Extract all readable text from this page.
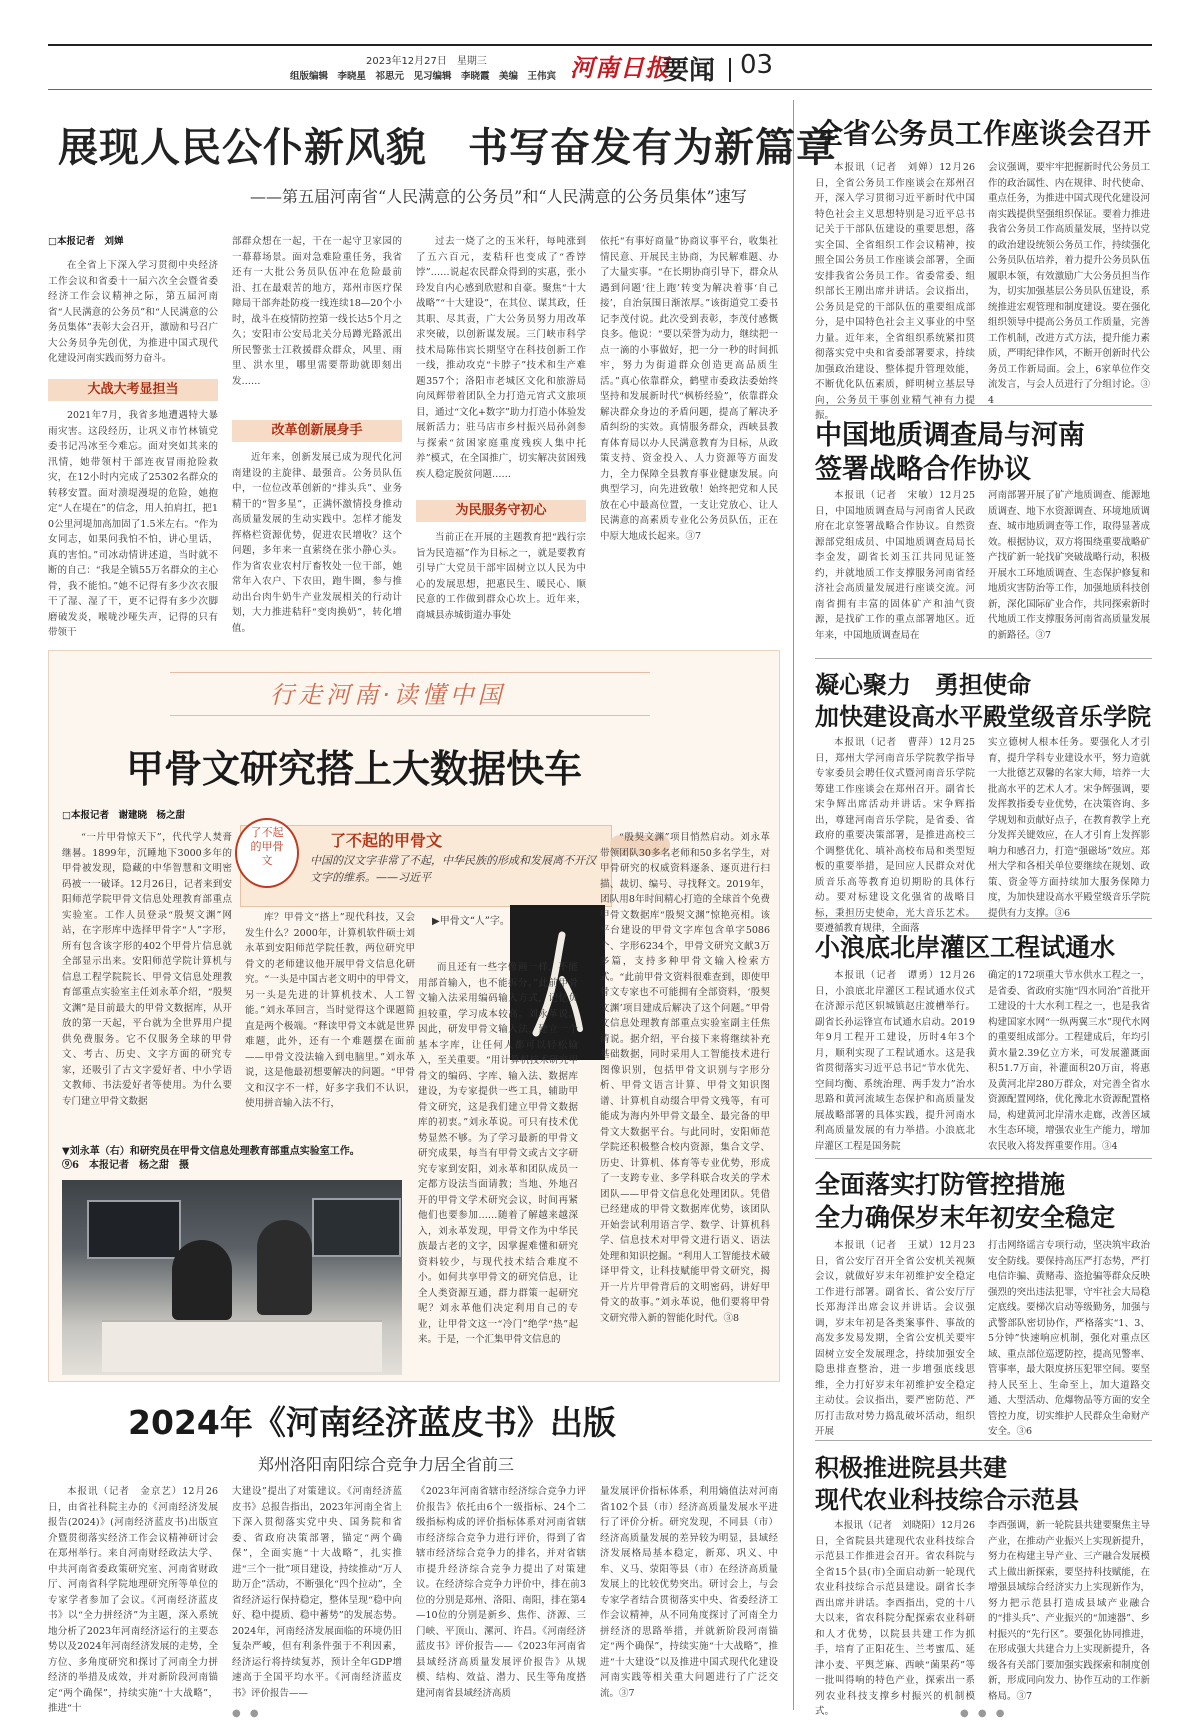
2023年12月27日　星期三
组版编辑　李晓星　祁思元　见习编辑　李晓霞　美编　王伟宾 河南日报
要闻 03
展现人民公仆新风貌　书写奋发有为新篇章
——第五届河南省“人民满意的公务员”和“人民满意的公务员集体”速写
□本报记者　刘婵
在全省上下深入学习贯彻中央经济工作会议和省委十一届六次全会暨省委经济工作会议精神之际，第五届河南省“人民满意的公务员”和“人民满意的公务员集体”表彰大会召开，激励和号召广大公务员争先创优，为推进中国式现代化建设河南实践而努力奋斗。
大战大考显担当
2021年7月，我省多地遭遇特大暴雨灾害。这段经历，让巩义市竹林镇党委书记冯冰至今难忘。面对突如其来的汛情，她带领村干部连夜冒雨抢险救灾，在12小时内完成了25302名群众的转移安置。面对溃堤漫堤的危险，她抱定“人在堤在”的信念，用人拍肩扛，把10公里河堤加高加固了1.5米左右。“作为女同志，如果问我怕不怕，讲心里话，真的害怕。”司冰动情讲述道，当时就不断的自己：“我是全镇55万名群众的主心骨，我不能怕。”她不记得有多少次衣服干了湿、湿了干，更不记得有多少次脚磨破发炎，喉咙沙哑失声，记得的只有带领干
部群众想在一起，干在一起守卫家园的一幕幕场景。面对急难险重任务，我省还有一大批公务员队伍冲在危险最前沿、扛在最艰苦的地方，郑州市医疗保障局干部奔赴防疫一线连续18—20个小时，战斗在疫情防控第一线长达5个月之久；安阳市公安局北关分局蹲光路派出所民警张士江救援群众群众，风里、雨里、洪水里，哪里需要帮助就即刻出发……
改革创新展身手
近年来，创新发展已成为现代化河南建设的主旋律、最强音。公务员队伍中，一位位改革创新的“排头兵”、业务精干的“智多星”，正满怀激情投身推动高质量发展的生动实践中。怎样才能发挥格栏资源优势，促进农民增收？这个问题，多年来一直萦绕在张小静心头。作为省农业农村厅畜牧处一位干部，她常年入农户、下农田，跑牛圈，参与推动出台肉牛奶牛产业发展相关的行动计划，大力推进秸秆“变肉换奶”，转化增值。
过去一烧了之的玉米秆，每吨涨到了五六百元，麦秸秆也变成了“香饽饽”……说起农民群众得到的实惠，张小玲发自内心感到欣慰和自豪。聚焦“十大战略”“十大建设”，在其位、谋其政，任其职、尽其责，广大公务员努力用改革求突破，以创新谋发展。三门峡市科学技术局陈伟宾长期坚守在科技创新工作一线，推动攻克“卡脖子”技术和生产难题357个；洛阳市老城区文化和旅游局向凤辉带着团队全力打造元宵式文旅项目，通过“文化+数字”助力打造小体验发展新活力；驻马店市乡村振兴局孙剑参与探索“贫困家庭重度残疾人集中托养”模式，在全国推广，切实解决贫困残疾人稳定脱贫问题……
为民服务守初心
当前正在开展的主题教育把“践行宗旨为民造福”作为目标之一，就是要教育引导广大党员干部牢固树立以人民为中心的发展思想，把惠民生、暖民心、顺民意的工作做到群众心坎上。近年来，商城县赤城街道办事处
依托“有事好商量”协商议事平台，收集社情民意、开展民主协商，为民解难题、办了大量实事。“在长期协商引导下，群众从遇到问题‘往上跑’转变为解决着事‘自己接’，自治氛围日渐浓厚。”该街道党工委书记李茂付说。此次受到表彰，李茂付感慨良多。他说：“要以荣誉为动力，继续把一点一滴的小事做好，把一分一秒的时间抓牢，努力为街道群众创造更高品质生活。”真心依靠群众，鹤壁市委政法委始终坚持和发展新时代“枫桥经验”，依靠群众解决群众身边的矛盾问题，提高了解决矛盾纠纷的实效。真情服务群众，西峡县教育体育局以办人民满意教育为目标，从政策支持、资金投入、人力资源等方面发力，全力保障全县教育事业健康发展。向典型学习，向先进致敬！始终把党和人民放在心中最高位置，一支让党放心、让人民满意的高素质专业化公务员队伍，正在中原大地成长起来。③7
行走河南·读懂中国
甲骨文研究搭上大数据快车
□本报记者　谢建晓　杨之甜
了不起的甲骨文
了不起的甲骨文
中国的汉文字非常了不起，中华民族的形成和发展离不开汉文字的维系。——习近平
“一片甲骨惊天下”，代代学人焚膏继晷。1899年，沉睡地下3000多年的甲骨被发现，隐藏的中华智慧和文明密码被一一破译。12月26日，记者来到安阳师范学院甲骨文信息处理教育部重点实验室。工作人员登录“殷契文渊”网站，在字形库中选择甲骨字“人”字形，所有包含该字形的402个甲骨片信息就全部显示出来。安阳师范学院计算机与信息工程学院院长、甲骨文信息处理教育部重点实验室主任刘永革介绍，“殷契文渊”是目前最大的甲骨文数据库，从开放的第一天起，平台就为全世界用户提供免费服务。它不仅服务全球的甲骨文、考古、历史、文字方面的研究专家，还吸引了古文字爱好者、中小学语文教师、书法爱好者等使用。为什么要专门建立甲骨文数据
库？甲骨文“搭上”现代科技，又会发生什么？2000年，计算机软件硕士刘永革到安阳师范学院任教，两位研究甲骨文的老师建议他开展甲骨文信息化研究。“一头是中国古老文明中的甲骨文，另一头是先进的计算机技术、人工智能。”刘永革回言，当时觉得这个课题简直是两个极端。“释读甲骨文本就是世界难题，此外，还有一个难题摆在面前——甲骨文没法输入到电脑里。”刘永革说，这是他最初想要解决的问题。“甲骨文和汉字不一样，好多字我们不认识，使用拼音输入法不行，
▶甲骨文“人”字。
而且还有一些字像画一样，不能用部首输入，也不能拆分。”此前甲骨文输入法采用编码输入方式，记忆负担较重，学习成本较高。刘永革说。因此，研发甲骨文输入法，建立一个基本字库，让任何人都可以轻松输入，至关重要。“用计算机技术研究甲骨文的编码、字库、输入法、数据库建设，为专家提供一些工具，辅助甲骨文研究，这是我们建立甲骨文数据库的初衷。”刘永革说。可只有技术优势显然不够。为了学习最新的甲骨文研究成果，每当有甲骨文或古文字研究专家到安阳，刘永革和团队成员一定都方设法当面请教；当地、外地召开的甲骨文学术研究会议，时间再紧他们也要参加……随着了解越来越深入，刘永革发现，甲骨文作为中华民族最古老的文字，因掌握难懂和研究资料较少，与现代技术结合难度不小。如何共享甲骨文的研究信息，让全人类资源互通，群力群策一起研究呢？刘永革他们决定利用自己的专业，让甲骨文这一“冷门”绝学“热”起来。于是，一个汇集甲骨文信息的
“殷契文渊”项目悄然启动。刘永革带领团队30多名老师和50多名学生，对甲骨研究的权威资料逐条、逐页进行扫描、裁切、编号、寻找释文。2019年，团队用8年时间精心打造的全球首个免费甲骨文数据库“殷契文渊”惊艳亮相。该平台建设的甲骨文字库包含单字5086个、字形6234个，甲骨文研究文献3万多篇，支持多种甲骨文输入检索方式。“此前甲骨文资料很难查到，即使甲骨文专家也不可能拥有全部资料，‘殷契文渊’项目建成后解决了这个问题。”甲骨文信息处理教育部重点实验室副主任焦清说。据介绍，平台接下来将继续补充基础数据，同时采用人工智能技术进行图像识别，包括甲骨文识别与字形分析、甲骨文语言计算、甲骨文知识图谱、计算机自动缀合甲骨文残等，有可能成为海内外甲骨文最全、最完备的甲骨文大数据平台。与此同时，安阳师范学院还积极整合校内资源，集合文学、历史、计算机、体育等专业优势，形成了一支跨专业、多学科联合攻关的学术团队——甲骨文信息化处理团队。凭借已经建成的甲骨文数据库优势，该团队开始尝试利用语言学、数学、计算机科学、信息技术对甲骨文进行语义、语法处理和知识挖掘。“利用人工智能技术破译甲骨文，让科技赋能甲骨文研究，揭开一片片甲骨背后的文明密码，讲好甲骨文的故事。”刘永革说，他们要将甲骨文研究带入新的智能化时代。③8
▼刘永革（右）和研究员在甲骨文信息处理教育部重点实验室工作。⑨6　本报记者　杨之甜　摄
2024年《河南经济蓝皮书》出版
郑州洛阳南阳综合竞争力居全省前三
本报讯（记者　金京艺）12月26日，由省社科院主办的《河南经济发展报告(2024)》(河南经济蓝皮书)出版宣介暨贯彻落实经济工作会议精神研讨会在郑州举行。来自河南财经政法大学、中共河南省委政策研究室、河南省财政厅、河南省科学院地理研究所等单位的专家学者参加了会议。《河南经济蓝皮书》以“全力拼经济”为主题，深入系统地分析了2023年河南经济运行的主要态势以及2024年河南经济发展的走势，全方位、多角度研究和探讨了河南全力拼经济的举措及成效，并对新阶段河南锚定“两个确保”，持续实施“十大战略”，推进“十
大建设”提出了对策建议。《河南经济蓝皮书》总报告指出，2023年河南全省上下深入贯彻落实党中央、国务院和省委、省政府决策部署，锚定“两个确保”，全面实施“十大战略”，扎实推进“三个一批”项目建设，持续推动“万人助万企”活动，不断强化“四个拉动”，全省经济运行保持稳定，整体呈现“稳中向好、稳中提质、稳中蓄势”的发展态势。2024年，河南经济发展面临的环境仍旧复杂严峻，但有利条件强于不利因素，经济运行将持续复苏，预计全年GDP增速高于全国平均水平。《河南经济蓝皮书》评价报告——
《2023年河南省辖市经济综合竞争力评价报告》依托由6个一级指标、24个二级指标构成的评价指标体系对河南省辖市经济综合竞争力进行评价，得到了省辖市经济综合竞争力的排名，并对省辖市提升经济综合竞争力提出了对策建议。在经济综合竞争力评价中，排在前3位的分别是郑州、洛阳、南阳，排在第4—10位的分别是新乡、焦作、济源、三门峡、平顶山、漯河、许昌。《河南经济蓝皮书》评价报告——《2023年河南省县域经济高质量发展评价报告》从规模、结构、效益、潜力、民生等角度搭建河南省县域经济高质
量发展评价指标体系，利用熵值法对河南省102个县（市）经济高质量发展水平进行了评价分析。研究发现，不同县（市）经济高质量发展的差异较为明显，县域经济发展格局基本稳定，新郑、巩义、中牟、义马、荥阳等县（市）在经济高质量发展上的比较优势突出。研讨会上，与会专家学者结合贯彻落实中央、省委经济工作会议精神，从不同角度探讨了河南全力拼经济的思路举措，并就新阶段河南锚定“两个确保”，持续实施“十大战略”，推进“十大建设”以及推进中国式现代化建设河南实践等相关重大问题进行了广泛交流。③7
● ●
全省公务员工作座谈会召开
本报讯（记者　刘婵）12月26日，全省公务员工作座谈会在郑州召开，深入学习贯彻习近平新时代中国特色社会主义思想特别是习近平总书记关于干部队伍建设的重要思想，落实全国、全省组织工作会议精神，按照全国公务员工作座谈会部署，全面安排我省公务员工作。省委常委、组织部长王刚出席并讲话。会议指出，公务员是党的干部队伍的重要组成部分，是中国特色社会主义事业的中坚力量。近年来，全省组织系统紧扣贯彻落实党中央和省委部署要求，持续加强政治建设、整体提升管理效能，不断优化队伍素质，鲜明树立基层导向，公务员干事创业精气神有力提振。
会议强调，要牢牢把握新时代公务员工作的政治属性、内在规律、时代使命、重点任务，为推进中国式现代化建设河南实践提供坚强组织保证。要着力推进我省公务员工作高质量发展，坚持以党的政治建设统领公务员工作，持续强化公务员队伍培养，着力提升公务员队伍履职本领，有效激励广大公务员担当作为，切实加强基层公务员队伍建设，系统推进宏观管理和制度建设。要在强化组织领导中提高公务员工作质量，完善工作机制，改进方式方法，提升能力素质，严明纪律作风，不断开创新时代公务员工作新局面。会上，6家单位作交流发言，与会人员进行了分组讨论。③4
中国地质调查局与河南
签署战略合作协议
本报讯（记者　宋敏）12月25日，中国地质调查局与河南省人民政府在北京签署战略合作协议。自然资源部党组成员、中国地质调查局局长李金发，副省长刘玉江共同见证签约，并就地质工作支撑服务河南省经济社会高质量发展进行座谈交流。河南省拥有丰富的固体矿产和油气资源，是找矿工作的重点部署地区。近年来，中国地质调查局在
河南部署开展了矿产地质调查、能源地质调查、地下水资源调查、环境地质调查、城市地质调查等工作，取得显著成效。根据协议，双方将围绕重要战略矿产找矿新一轮找矿突破战略行动，积极开展水工环地质调查、生态保护修复和地质灾害防治等工作，加强地质科技创新，深化国际矿业合作，共同探索新时代地质工作支撑服务河南省高质量发展的新路径。③7
凝心聚力　勇担使命
加快建设高水平殿堂级音乐学院
本报讯（记者　曹萍）12月25日，郑州大学河南音乐学院教学指导专家委员会聘任仪式暨河南音乐学院筹建工作座谈会在郑州召开。副省长宋争辉出席活动并讲话。宋争辉指出，尊建河南音乐学院，是省委、省政府的重要决策部署，是推进高校三个调整优化、填补高校布局和类型短板的重要举措，是回应人民群众对优质音乐高等教育迫切期盼的具体行动。要对标建设文化强省的战略目标，秉担历史使命，光大音乐艺术。要遵循教育规律，全面落
实立德树人根本任务。要强化人才引育，提升学科专业建设水平，努力造就一大批德艺双馨的名家大师，培养一大批高水平的艺术人才。宋争辉强调，要发挥教指委专业优势，在决策咨询、多学规划和贡献好点子，在教育教学上充分发挥关键效应，在人才引育上发挥影响力和感召力，打造“强磁场”效应。郑州大学和各相关单位要继续在规划、政策、资金等方面持续加大服务保障力度，为加快建设高水平殿堂级音乐学院提供有力支撑。③6
小浪底北岸灌区工程试通水
本报讯（记者　谭勇）12月26日，小浪底北岸灌区工程试通水仪式在济源示范区轵城镇赵庄渡槽举行。副省长孙运锋宣布试通水启动。2019年9月工程开工建设，历时4年3个月，顺利实现了工程试通水。这是我省贯彻落实习近平总书记“节水优先、空间均衡、系统治理、两手发力”治水思路和黄河流域生态保护和高质量发展战略部署的具体实践，提升河南水利高质量发展的有力举措。小浪底北岸灌区工程是国务院
确定的172项重大节水供水工程之一，是省委、省政府实施“四水同治”首批开工建设的十大水利工程之一，也是我省构建国家水网“一纵两翼三水”现代水网的重要组成部分。工程建成后，年均引黄水量2.39亿立方米，可发展灌溉面积51.7万亩，补灌面积20万亩，将惠及黄河北岸280万群众，对完善全省水资源配置网络，优化豫北水资源配置格局，构建黄河北岸清水走廊，改善区域水生态环境，增强农业生产能力，增加农民收入将发挥重要作用。③4
全面落实打防管控措施
全力确保岁末年初安全稳定
本报讯（记者　王斌）12月23日，省公安厅召开全省公安机关视频会议，就做好岁末年初维护安全稳定工作进行部署。副省长、省公安厅厅长郑海洋出席会议并讲话。会议强调，岁末年初是各类案事件、事故的高发多发易发期，全省公安机关要牢固树立安全发展理念，持续加强安全隐患排查整治，进一步增强底线思维，全力打好岁末年初维护安全稳定主动仗。会议指出，要严密防范、严厉打击敌对势力捣乱破坏活动，组织开展
打击网络谣言专项行动，坚决筑牢政治安全防线。要保持高压严打态势，严打电信诈骗、黄赌毒、盗抢骗等群众反映强烈的突出违法犯罪，守牢社会大局稳定底线。要梯次启动等级勤务，加强与武警部队密切协作，严格落实“1、3、5分钟”快速响应机制，强化对重点区域、重点部位巡逻防控，提高见警率、管事率，最大限度挤压犯罪空间。要坚持人民至上、生命至上，加大道路交通、大型活动、危爆物品等方面的安全管控力度，切实维护人民群众生命财产安全。③6
积极推进院县共建
现代农业科技综合示范县
本报讯（记者　刘晓阳）12月26日，全省院县共建现代农业科技综合示范县工作推进会召开。省农科院与全省15个县(市)全面启动新一轮现代农业科技综合示范县建设。副省长李酉出席并讲话。李酉指出，党的十八大以来，省农科院分配探索农业科研和人才优势，以院县共建工作为抓手，培育了正阳花生、兰考蜜瓜、延津小麦、平舆芝麻、西峡“菌果药”等一批叫得响的特色产业，探索出一系列农业科技支撑乡村振兴的机制模式。
李酉强调，新一轮院县共建要聚焦主导产业，在推动产业振兴上实现新提升，努力在构建主导产业、三产融合发展模式上做出新探索，要坚持科技赋能，在增强县域综合经济实力上实现新作为，努力把示范县打造成县域产业融合的“排头兵”、产业振兴的“加速器”、乡村振兴的“先行区”。要强化协同推进，在形成强大共建合力上实现新提升，各级各有关部门要加强实践探索和制度创新，形成同向发力、协作互动的工作新格局。③7
● ● ●
